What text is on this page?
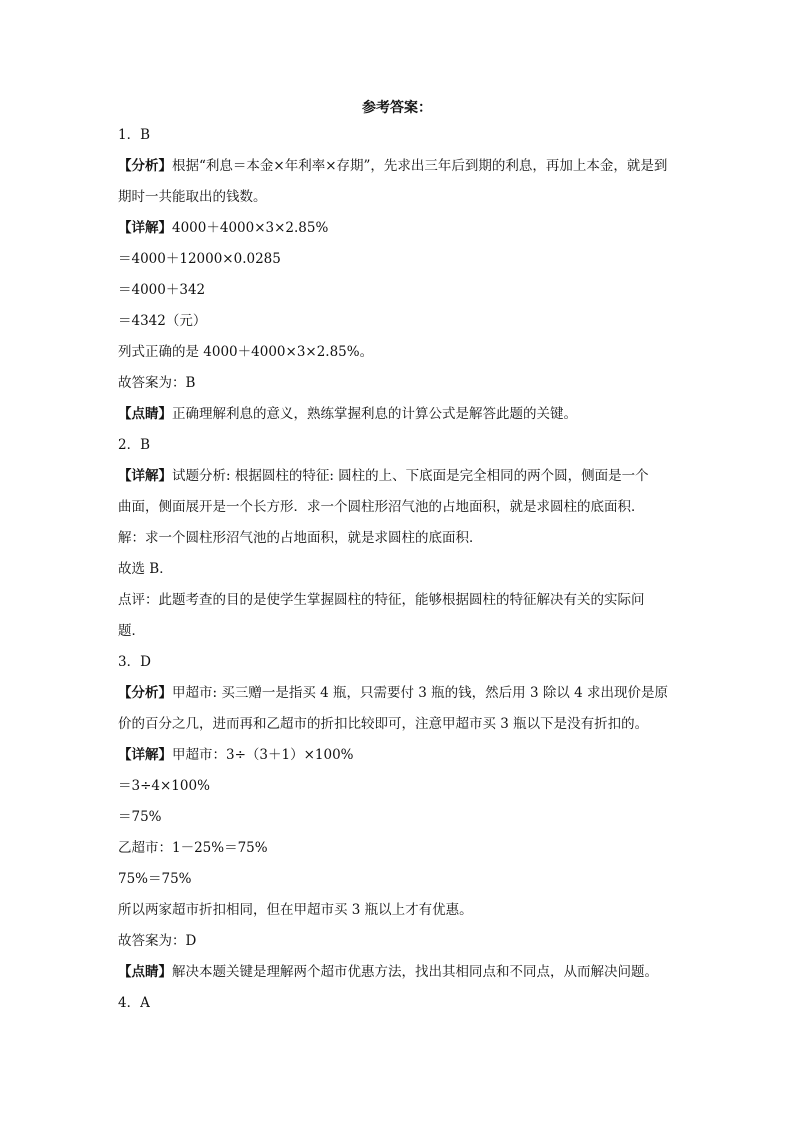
参考答案：
1．B
【分析】根据“利息＝本金×年利率×存期”，先求出三年后到期的利息，再加上本金，就是到
期时一共能取出的钱数。
【详解】4000＋4000×3×2.85%
＝4000＋12000×0.0285
＝4000＋342
＝4342（元）
列式正确的是 4000＋4000×3×2.85%。
故答案为：B
【点睛】正确理解利息的意义，熟练掌握利息的计算公式是解答此题的关键。
2．B
【详解】试题分析: 根据圆柱的特征: 圆柱的上、下底面是完全相同的两个圆，侧面是一个
曲面，侧面展开是一个长方形．求一个圆柱形沼气池的占地面积，就是求圆柱的底面积．
解：求一个圆柱形沼气池的占地面积，就是求圆柱的底面积．
故选 B．
点评：此题考查的目的是使学生掌握圆柱的特征，能够根据圆柱的特征解决有关的实际问
题．
3．D
【分析】甲超市: 买三赠一是指买 4 瓶，只需要付 3 瓶的钱，然后用 3 除以 4 求出现价是原
价的百分之几，进而再和乙超市的折扣比较即可，注意甲超市买 3 瓶以下是没有折扣的。
【详解】甲超市：3÷（3＋1）×100%
＝3÷4×100%
＝75%
乙超市：1－25%＝75%
75%＝75%
所以两家超市折扣相同，但在甲超市买 3 瓶以上才有优惠。
故答案为：D
【点睛】解决本题关键是理解两个超市优惠方法，找出其相同点和不同点，从而解决问题。
4．A
